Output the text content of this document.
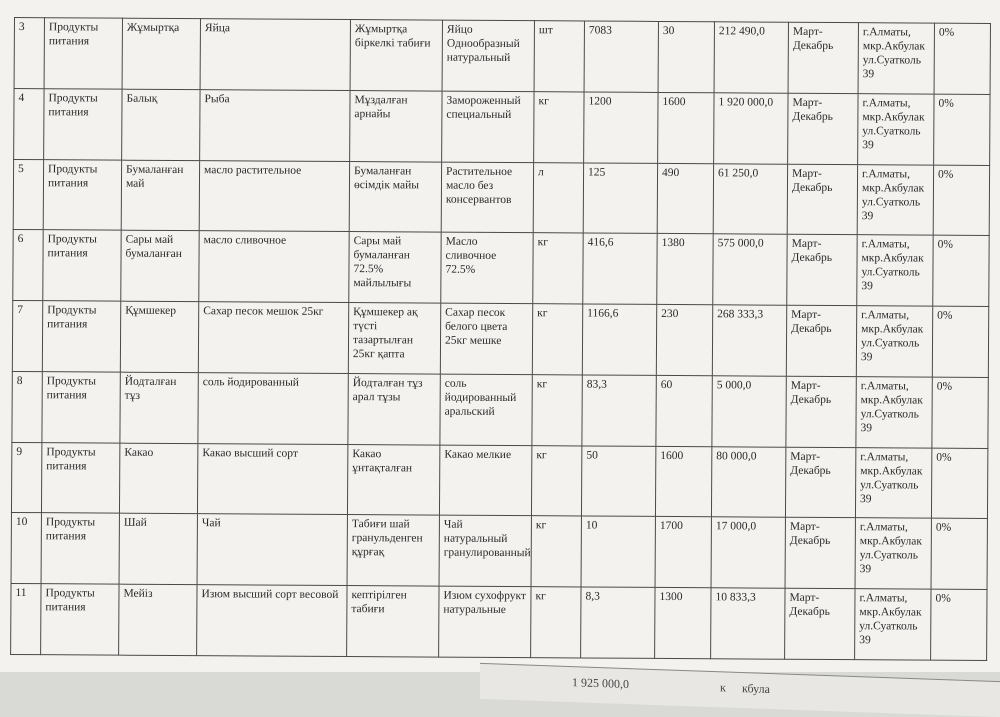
3	Продукты питания	Жұмыртқа	Яйца	Жұмыртқа біркелкі табиғи	Яйцо Однообразный натуральный	шт	7083	30	212 490,0	Март-Декабрь	г.Алматы, мкр.Акбулак ул.Суатколь 39	0%
4	Продукты питания	Балық	Рыба	Мұздалған арнайы	Замороженный специальный	кг	1200	1600	1 920 000,0	Март-Декабрь	г.Алматы, мкр.Акбулак ул.Суатколь 39	0%
5	Продукты питания	Бумаланған май	масло растительное	Бумаланған өсімдік майы	Растительное масло без консервантов	л	125	490	61 250,0	Март-Декабрь	г.Алматы, мкр.Акбулак ул.Суатколь 39	0%
6	Продукты питания	Сары май бумаланған	масло сливочное	Сары май бумаланған 72.5% майлылығы	Масло сливочное 72.5%	кг	416,6	1380	575 000,0	Март-Декабрь	г.Алматы, мкр.Акбулак ул.Суатколь 39	0%
7	Продукты питания	Құмшекер	Сахар песок мешок 25кг	Құмшекер ақ түсті тазартылған 25кг қапта	Сахар песок белого цвета 25кг мешке	кг	1166,6	230	268 333,3	Март-Декабрь	г.Алматы, мкр.Акбулак ул.Суатколь 39	0%
8	Продукты питания	Йодталған тұз	соль йодированный	Йодталған тұз арал тұзы	соль йодированный аральский	кг	83,3	60	5 000,0	Март-Декабрь	г.Алматы, мкр.Акбулак ул.Суатколь 39	0%
9	Продукты питания	Какао	Какао высший сорт	Какао ұнтақталған	Какао мелкие	кг	50	1600	80 000,0	Март-Декабрь	г.Алматы, мкр.Акбулак ул.Суатколь 39	0%
10	Продукты питания	Шай	Чай	Табиғи шай гранульденген құрғақ	Чай натуральный гранулированный	кг	10	1700	17 000,0	Март-Декабрь	г.Алматы, мкр.Акбулак ул.Суатколь 39	0%
11	Продукты питания	Мейіз	Изюм высший сорт весовой	кептірілген табиғи	Изюм сухофрукт натуральные	кг	8,3	1300	10 833,3	Март-Декабрь	г.Алматы, мкр.Акбулак ул.Суатколь 39	0%
1 925 000,0	к кбула
